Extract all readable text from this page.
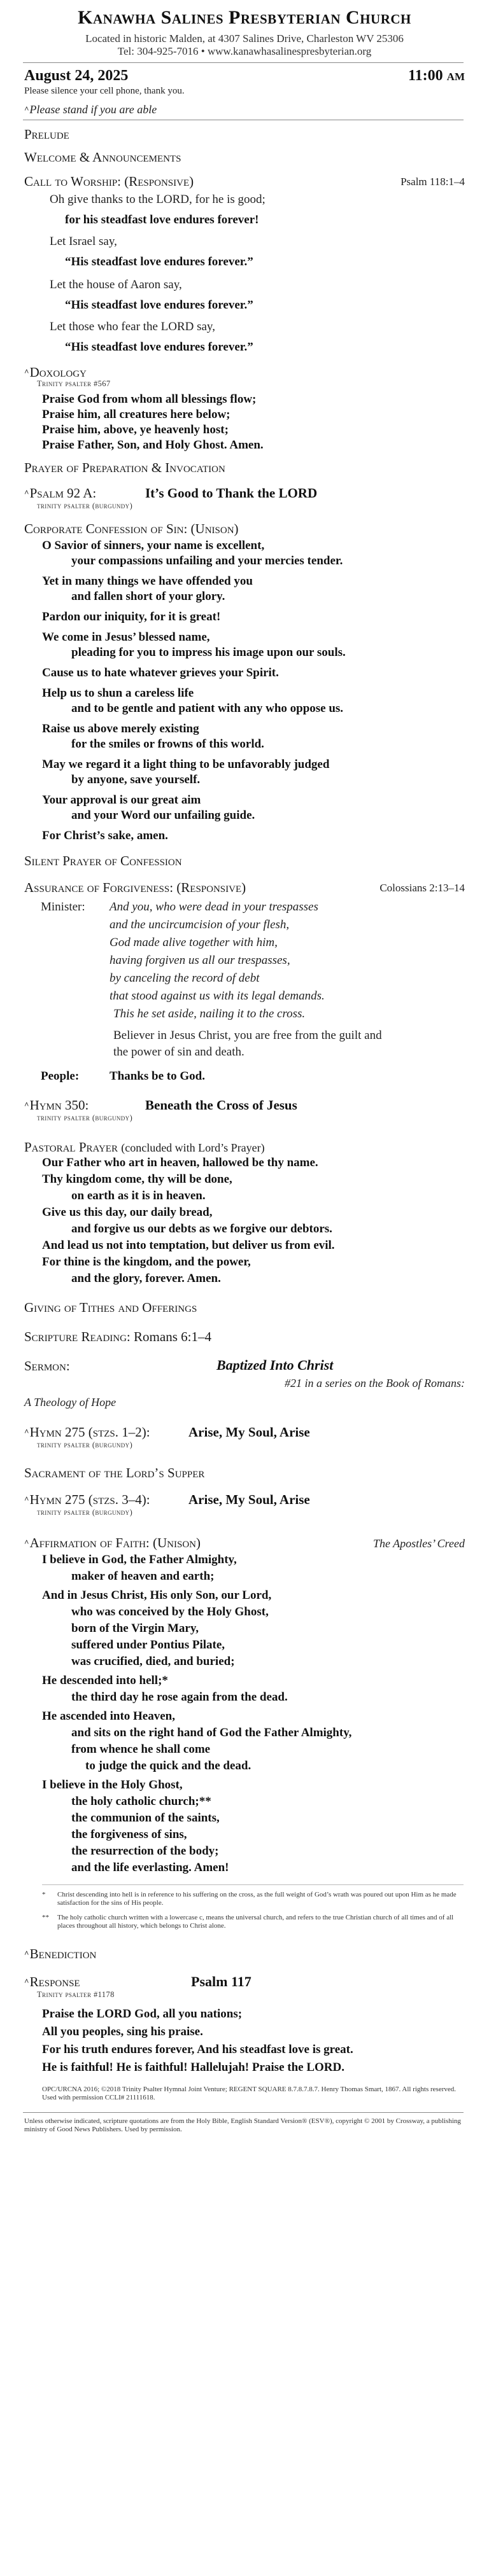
Kanawha Salines Presbyterian Church
Located in historic Malden, at 4307 Salines Drive, Charleston WV 25306
Tel: 304-925-7016 • www.kanawhasalinespresbyterian.org
August 24, 2025	11:00 am
Please silence your cell phone, thank you.
^Please stand if you are able
Prelude
Welcome & Announcements
Call to Worship: (Responsive)	Psalm 118:1–4
Oh give thanks to the LORD, for he is good;
for his steadfast love endures forever!
Let Israel say,
“His steadfast love endures forever.”
Let the house of Aaron say,
“His steadfast love endures forever.”
Let those who fear the LORD say,
“His steadfast love endures forever.”
^Doxology
Trinity psalter #567
Praise God from whom all blessings flow;
Praise him, all creatures here below;
Praise him, above, ye heavenly host;
Praise Father, Son, and Holy Ghost. Amen.
Prayer of Preparation & Invocation
^Psalm 92 A:	It’s Good to Thank the LORD
trinity psalter (burgundy)
Corporate Confession of Sin: (Unison)
O Savior of sinners, your name is excellent,
your compassions unfailing and your mercies tender.
Yet in many things we have offended you
and fallen short of your glory.
Pardon our iniquity, for it is great!
We come in Jesus’ blessed name,
pleading for you to impress his image upon our souls.
Cause us to hate whatever grieves your Spirit.
Help us to shun a careless life
and to be gentle and patient with any who oppose us.
Raise us above merely existing
for the smiles or frowns of this world.
May we regard it a light thing to be unfavorably judged
by anyone, save yourself.
Your approval is our great aim
and your Word our unfailing guide.
For Christ’s sake, amen.
Silent Prayer of Confession
Assurance of Forgiveness: (Responsive)	Colossians 2:13–14
Minister: And you, who were dead in your trespasses
and the uncircumcision of your flesh,
God made alive together with him,
having forgiven us all our trespasses,
by canceling the record of debt
that stood against us with its legal demands.
This he set aside, nailing it to the cross.
Believer in Jesus Christ, you are free from the guilt and
the power of sin and death.
People:	Thanks be to God.
^Hymn 350:	Beneath the Cross of Jesus
trinity psalter (burgundy)
Pastoral Prayer (concluded with Lord’s Prayer)
Our Father who art in heaven, hallowed be thy name.
Thy kingdom come, thy will be done,
on earth as it is in heaven.
Give us this day, our daily bread,
and forgive us our debts as we forgive our debtors.
And lead us not into temptation, but deliver us from evil.
For thine is the kingdom, and the power,
and the glory, forever. Amen.
Giving of Tithes and Offerings
Scripture Reading: Romans 6:1–4
Sermon:	Baptized Into Christ
#21 in a series on the Book of Romans:
A Theology of Hope
^Hymn 275 (stzs. 1–2):	Arise, My Soul, Arise
trinity psalter (burgundy)
Sacrament of the Lord’s Supper
^Hymn 275 (stzs. 3–4):	Arise, My Soul, Arise
trinity psalter (burgundy)
^Affirmation of Faith: (Unison)	The Apostles’ Creed
I believe in God, the Father Almighty,
maker of heaven and earth;
And in Jesus Christ, His only Son, our Lord,
who was conceived by the Holy Ghost,
born of the Virgin Mary,
suffered under Pontius Pilate,
was crucified, died, and buried;
He descended into hell;*
the third day he rose again from the dead.
He ascended into Heaven,
and sits on the right hand of God the Father Almighty,
from whence he shall come
to judge the quick and the dead.
I believe in the Holy Ghost,
the holy catholic church;**
the communion of the saints,
the forgiveness of sins,
the resurrection of the body;
and the life everlasting. Amen!
*	Christ descending into hell is in reference to his suffering on the cross, as the full weight of God’s wrath was poured out upon Him as he made satisfaction for the sins of His people.
**	The holy catholic church written with a lowercase c, means the universal church, and refers to the true Christian church of all times and of all places throughout all history, which belongs to Christ alone.
^Benediction
^Response	Psalm 117
Trinity psalter #1178
Praise the LORD God, all you nations;
All you peoples, sing his praise.
For his truth endures forever, And his steadfast love is great.
He is faithful! He is faithful! Hallelujah! Praise the LORD.
OPC/URCNA 2016; ©2018 Trinity Psalter Hymnal Joint Venture; REGENT SQUARE 8.7.8.7.8.7. Henry Thomas Smart, 1867. All rights reserved. Used with permission CCLI# 21111618.
Unless otherwise indicated, scripture quotations are from the Holy Bible, English Standard Version® (ESV®), copyright © 2001 by Crossway, a publishing ministry of Good News Publishers. Used by permission.
